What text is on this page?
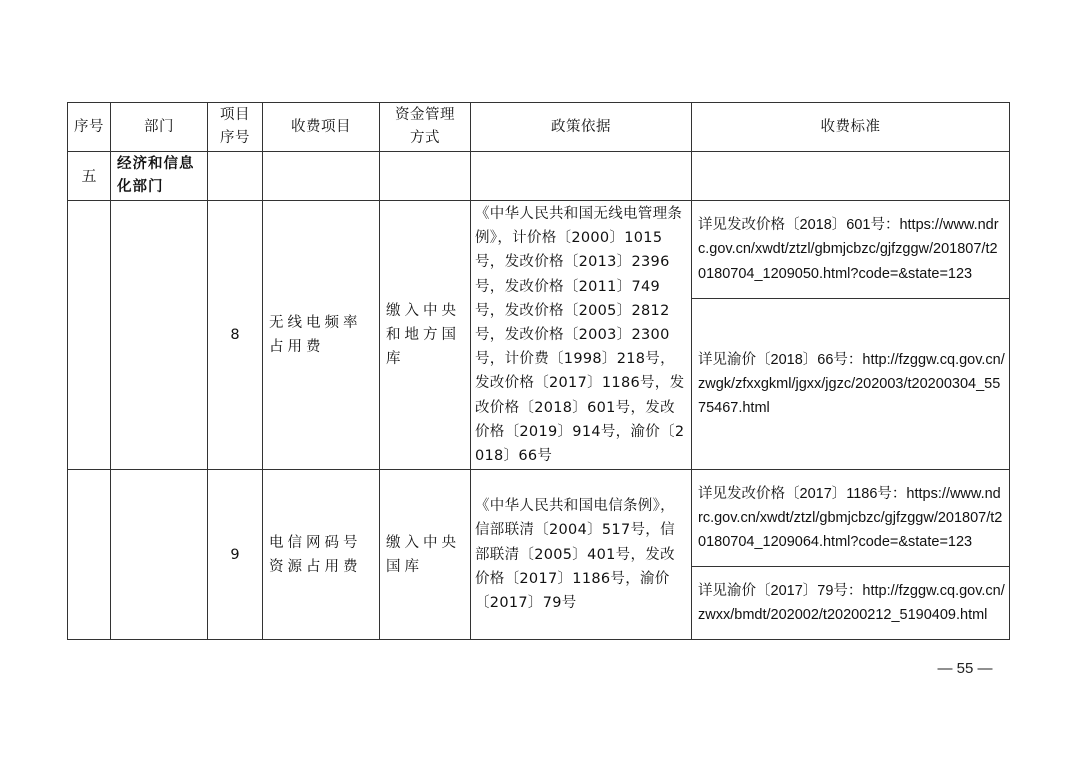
序号	部门	项目序号	收费项目	资金管理方式	政策依据	收费标准
五	经济和信息化部门					
		8	无线电频率占用费	缴入中央和地方国库	《中华人民共和国无线电管理条例》，计价格〔2000〕1015号，发改价格〔2013〕2396号，发改价格〔2011〕749号，发改价格〔2005〕2812号，发改价格〔2003〕2300号，计价费〔1998〕218号，发改价格〔2017〕1186号，发改价格〔2018〕601号，发改价格〔2019〕914号，渝价〔2018〕66号	详见发改价格〔2018〕601号：https://www.ndrc.gov.cn/xwdt/ztzl/gbmjcbzc/gjfzggw/201807/t20180704_1209050.html?code=&state=123
						详见渝价〔2018〕66号：http://fzggw.cq.gov.cn/zwgk/zfxxgkml/jgxx/jgzc/202003/t20200304_5575467.html
		9	电信网码号资源占用费	缴入中央国库	《中华人民共和国电信条例》，信部联清〔2004〕517号，信部联清〔2005〕401号，发改价格〔2017〕1186号，渝价〔2017〕79号	详见发改价格〔2017〕1186号：https://www.ndrc.gov.cn/xwdt/ztzl/gbmjcbzc/gjfzggw/201807/t20180704_1209064.html?code=&state=123
						详见渝价〔2017〕79号：http://fzggw.cq.gov.cn/zwxx/bmdt/202002/t20200212_5190409.html
— 55 —
